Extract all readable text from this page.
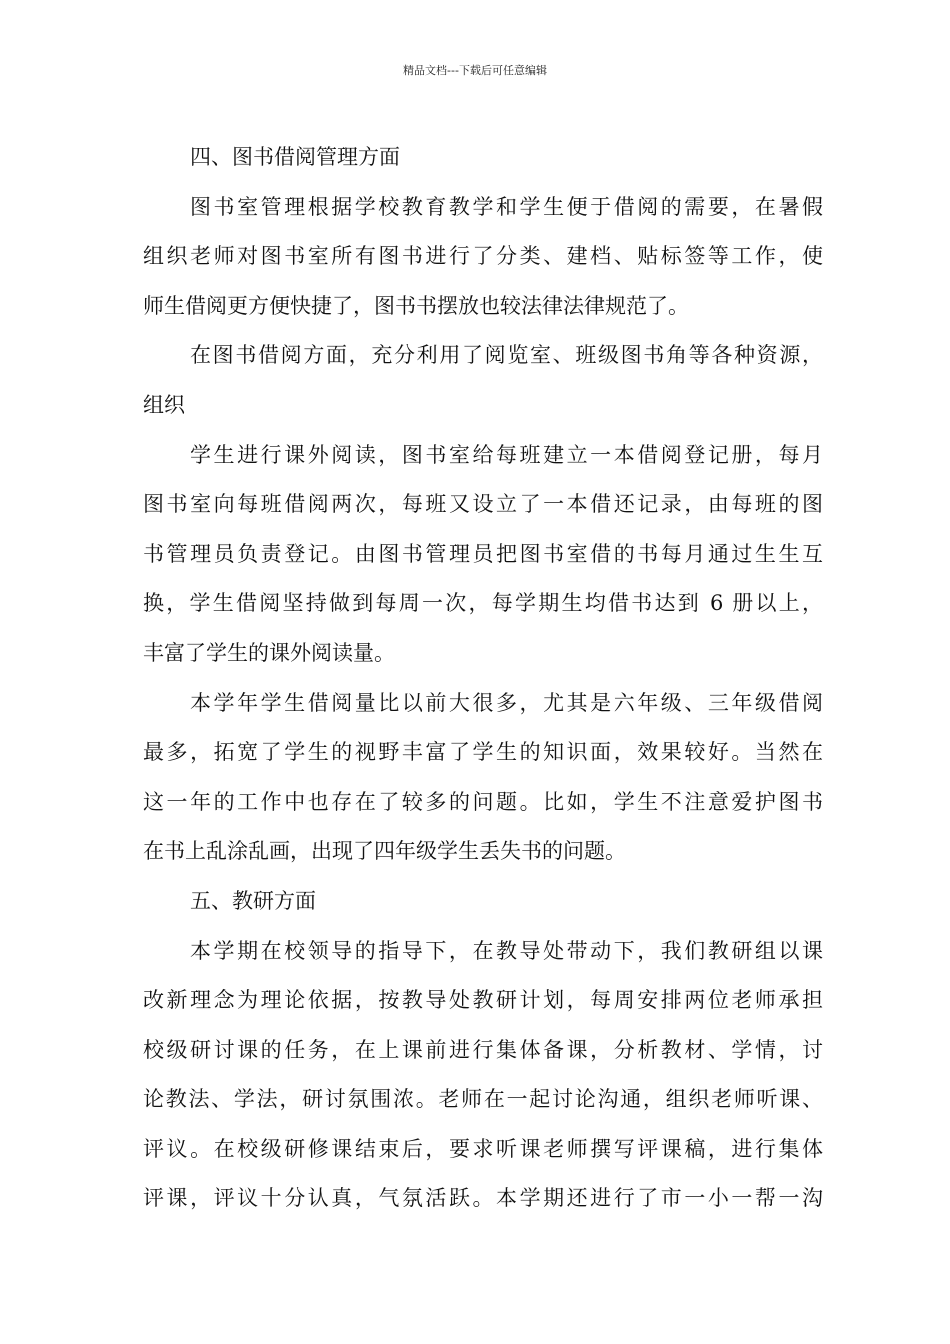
精品文档---下载后可任意编辑
四、图书借阅管理方面
图书室管理根据学校教育教学和学生便于借阅的需要，在暑假
组织老师对图书室所有图书进行了分类、建档、贴标签等工作，使
师生借阅更方便快捷了，图书书摆放也较法律法律规范了。
在图书借阅方面，充分利用了阅览室、班级图书角等各种资源，
组织
学生进行课外阅读，图书室给每班建立一本借阅登记册，每月
图书室向每班借阅两次，每班又设立了一本借还记录，由每班的图
书管理员负责登记。由图书管理员把图书室借的书每月通过生生互
换，学生借阅坚持做到每周一次，每学期生均借书达到 6 册以上，
丰富了学生的课外阅读量。
本学年学生借阅量比以前大很多，尤其是六年级、三年级借阅
最多，拓宽了学生的视野丰富了学生的知识面，效果较好。当然在
这一年的工作中也存在了较多的问题。比如，学生不注意爱护图书
在书上乱涂乱画，出现了四年级学生丢失书的问题。
五、教研方面
本学期在校领导的指导下，在教导处带动下，我们教研组以课
改新理念为理论依据，按教导处教研计划，每周安排两位老师承担
校级研讨课的任务，在上课前进行集体备课，分析教材、学情，讨
论教法、学法，研讨氛围浓。老师在一起讨论沟通，组织老师听课、
评议。在校级研修课结束后，要求听课老师撰写评课稿，进行集体
评课，评议十分认真，气氛活跃。本学期还进行了市一小一帮一沟
